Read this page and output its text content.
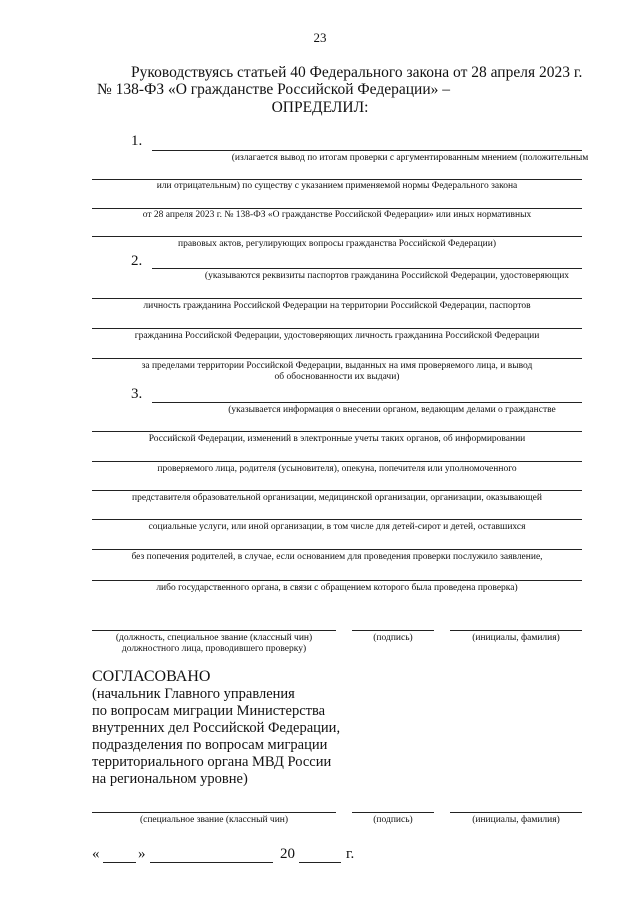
23
Руководствуясь статьей 40 Федерального закона от 28 апреля 2023 г.
№ 138-ФЗ «О гражданстве Российской Федерации» –
ОПРЕДЕЛИЛ:
1.
(излагается вывод по итогам проверки с аргументированным мнением (положительным
или отрицательным) по существу с указанием применяемой нормы Федерального закона
от 28 апреля 2023 г. № 138-ФЗ «О гражданстве Российской Федерации» или иных нормативных
правовых актов, регулирующих вопросы гражданства Российской Федерации)
2.
(указываются реквизиты паспортов гражданина Российской Федерации, удостоверяющих
личность гражданина Российской Федерации на территории Российской Федерации, паспортов
гражданина Российской Федерации, удостоверяющих личность гражданина Российской Федерации
за пределами территории Российской Федерации, выданных на имя проверяемого лица, и вывод
об обоснованности их выдачи)
3.
(указывается информация о внесении органом, ведающим делами о гражданстве
Российской Федерации, изменений в электронные учеты таких органов, об информировании
проверяемого лица, родителя (усыновителя), опекуна, попечителя или уполномоченного
представителя образовательной организации, медицинской организации, организации, оказывающей
социальные услуги, или иной организации, в том числе для детей-сирот и детей, оставшихся
без попечения родителей, в случае, если основанием для проведения проверки послужило заявление,
либо государственного органа, в связи с обращением которого была проведена проверка)
(должность, специальное звание (классный чин)
должностного лица, проводившего проверку)
(подпись)	(инициалы, фамилия)
СОГЛАСОВАНО
(начальник Главного управления
по вопросам миграции Министерства
внутренних дел Российской Федерации,
подразделения по вопросам миграции
территориального органа МВД России
на региональном уровне)
(специальное звание (классный чин)	(подпись)	(инициалы, фамилия)
«	»	20	г.
